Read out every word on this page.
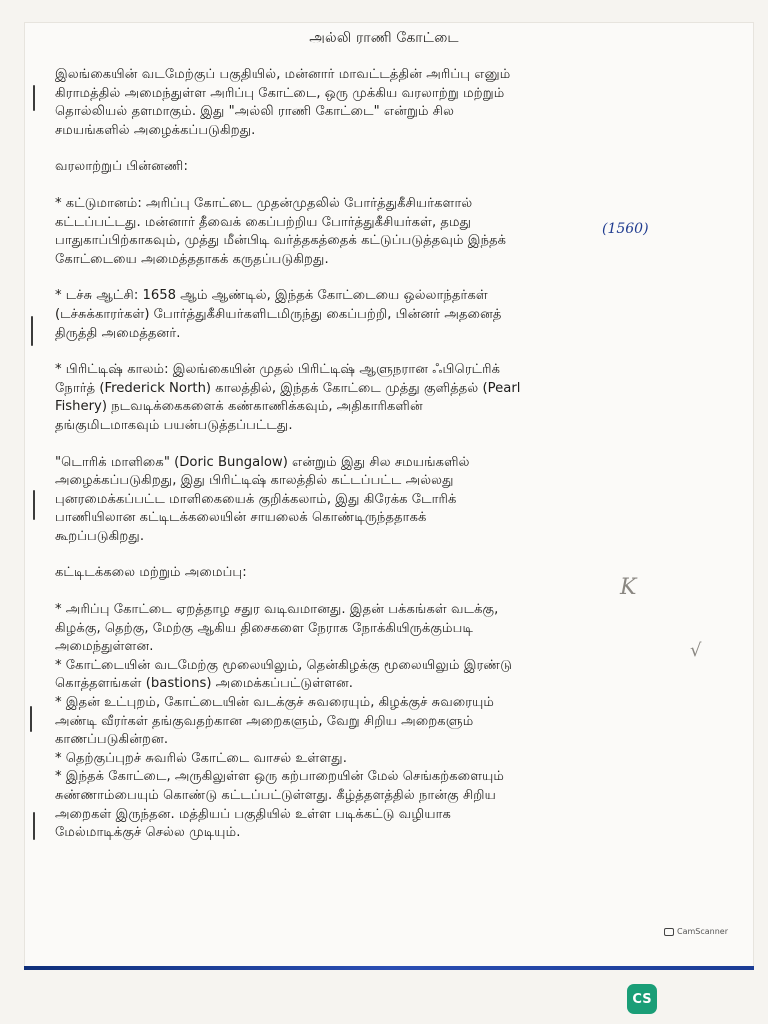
அல்லி ராணி கோட்டை

இலங்கையின் வடமேற்குப் பகுதியில், மன்னார் மாவட்டத்தின் அரிப்பு எனும்
கிராமத்தில் அமைந்துள்ள அரிப்பு கோட்டை, ஒரு முக்கிய வரலாற்று மற்றும்
தொல்லியல் தளமாகும். இது "அல்லி ராணி கோட்டை" என்றும் சில
சமயங்களில் அழைக்கப்படுகிறது.

வரலாற்றுப் பின்னணி:

* கட்டுமானம்: அரிப்பு கோட்டை முதன்முதலில் போர்த்துகீசியர்களால்
கட்டப்பட்டது. மன்னார் தீவைக் கைப்பற்றிய போர்த்துகீசியர்கள், தமது
பாதுகாப்பிற்காகவும், முத்து மீன்பிடி வர்த்தகத்தைக் கட்டுப்படுத்தவும் இந்தக்
கோட்டையை அமைத்ததாகக் கருதப்படுகிறது.

* டச்சு ஆட்சி: 1658 ஆம் ஆண்டில், இந்தக் கோட்டையை ஒல்லாந்தர்கள்
(டச்சுக்காரர்கள்) போர்த்துகீசியர்களிடமிருந்து கைப்பற்றி, பின்னர் அதனைத்
திருத்தி அமைத்தனர்.

* பிரிட்டிஷ் காலம்: இலங்கையின் முதல் பிரிட்டிஷ் ஆளுநரான ஃபிரெட்ரிக்
நோர்த் (Frederick North) காலத்தில், இந்தக் கோட்டை முத்து குளித்தல் (Pearl
Fishery) நடவடிக்கைகளைக் கண்காணிக்கவும், அதிகாரிகளின்
தங்குமிடமாகவும் பயன்படுத்தப்பட்டது.

"டொரிக் மாளிகை" (Doric Bungalow) என்றும் இது சில சமயங்களில்
அழைக்கப்படுகிறது, இது பிரிட்டிஷ் காலத்தில் கட்டப்பட்ட அல்லது
புனரமைக்கப்பட்ட மாளிகையைக் குறிக்கலாம், இது கிரேக்க டோரிக்
பாணியிலான கட்டிடக்கலையின் சாயலைக் கொண்டிருந்ததாகக்
கூறப்படுகிறது.

கட்டிடக்கலை மற்றும் அமைப்பு:

* அரிப்பு கோட்டை ஏறத்தாழ சதுர வடிவமானது. இதன் பக்கங்கள் வடக்கு,
கிழக்கு, தெற்கு, மேற்கு ஆகிய திசைகளை நேராக நோக்கியிருக்கும்படி
அமைந்துள்ளன.

* கோட்டையின் வடமேற்கு மூலையிலும், தென்கிழக்கு மூலையிலும் இரண்டு
கொத்தளங்கள் (bastions) அமைக்கப்பட்டுள்ளன.

* இதன் உட்புறம், கோட்டையின் வடக்குச் சுவரையும், கிழக்குச் சுவரையும்
அண்டி வீரர்கள் தங்குவதற்கான அறைகளும், வேறு சிறிய அறைகளும்
காணப்படுகின்றன.

* தெற்குப்புறச் சுவரில் கோட்டை வாசல் உள்ளது.

* இந்தக் கோட்டை, அருகிலுள்ள ஒரு கற்பாறையின் மேல் செங்கற்களையும்
சுண்ணாம்பையும் கொண்டு கட்டப்பட்டுள்ளது. கீழ்த்தளத்தில் நான்கு சிறிய
அறைகள் இருந்தன. மத்தியப் பகுதியில் உள்ள படிக்கட்டு வழியாக
மேல்மாடிக்குச் செல்ல முடியும்.

(1560)
K
√
CamScanner
CS
